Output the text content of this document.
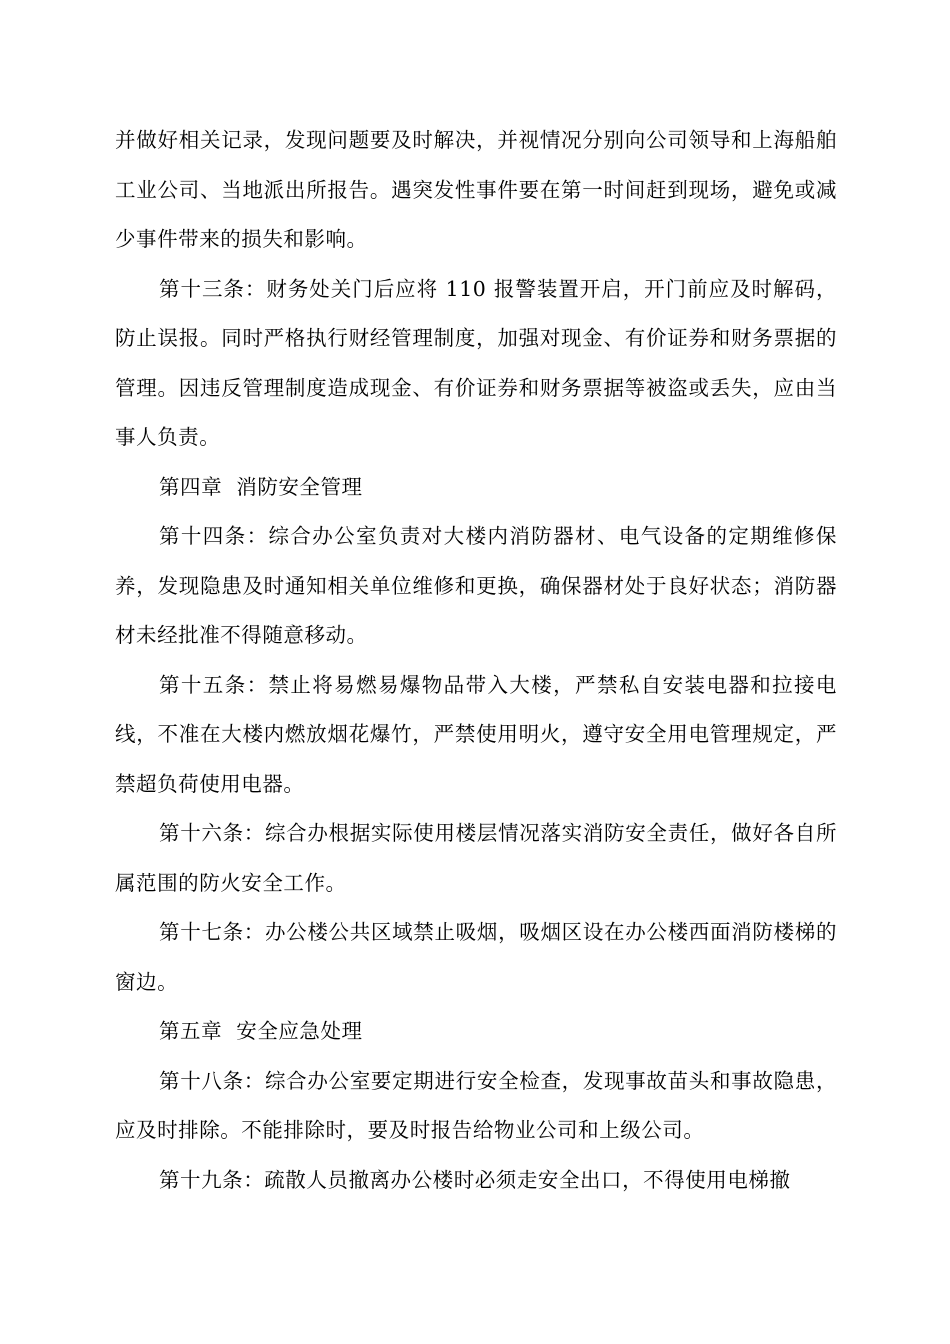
并做好相关记录，发现问题要及时解决，并视情况分别向公司领导和上海船舶工业公司、当地派出所报告。遇突发性事件要在第一时间赶到现场，避免或减少事件带来的损失和影响。

第十三条：财务处关门后应将 110 报警装置开启，开门前应及时解码，防止误报。同时严格执行财经管理制度，加强对现金、有价证券和财务票据的管理。因违反管理制度造成现金、有价证券和财务票据等被盗或丢失，应由当事人负责。

第四章  消防安全管理

第十四条：综合办公室负责对大楼内消防器材、电气设备的定期维修保养，发现隐患及时通知相关单位维修和更换，确保器材处于良好状态；消防器材未经批准不得随意移动。

第十五条：禁止将易燃易爆物品带入大楼，严禁私自安装电器和拉接电线，不准在大楼内燃放烟花爆竹，严禁使用明火，遵守安全用电管理规定，严禁超负荷使用电器。

第十六条：综合办根据实际使用楼层情况落实消防安全责任，做好各自所属范围的防火安全工作。

第十七条：办公楼公共区域禁止吸烟，吸烟区设在办公楼西面消防楼梯的窗边。

第五章  安全应急处理

第十八条：综合办公室要定期进行安全检查，发现事故苗头和事故隐患，应及时排除。不能排除时，要及时报告给物业公司和上级公司。

第十九条：疏散人员撤离办公楼时必须走安全出口，不得使用电梯撤
